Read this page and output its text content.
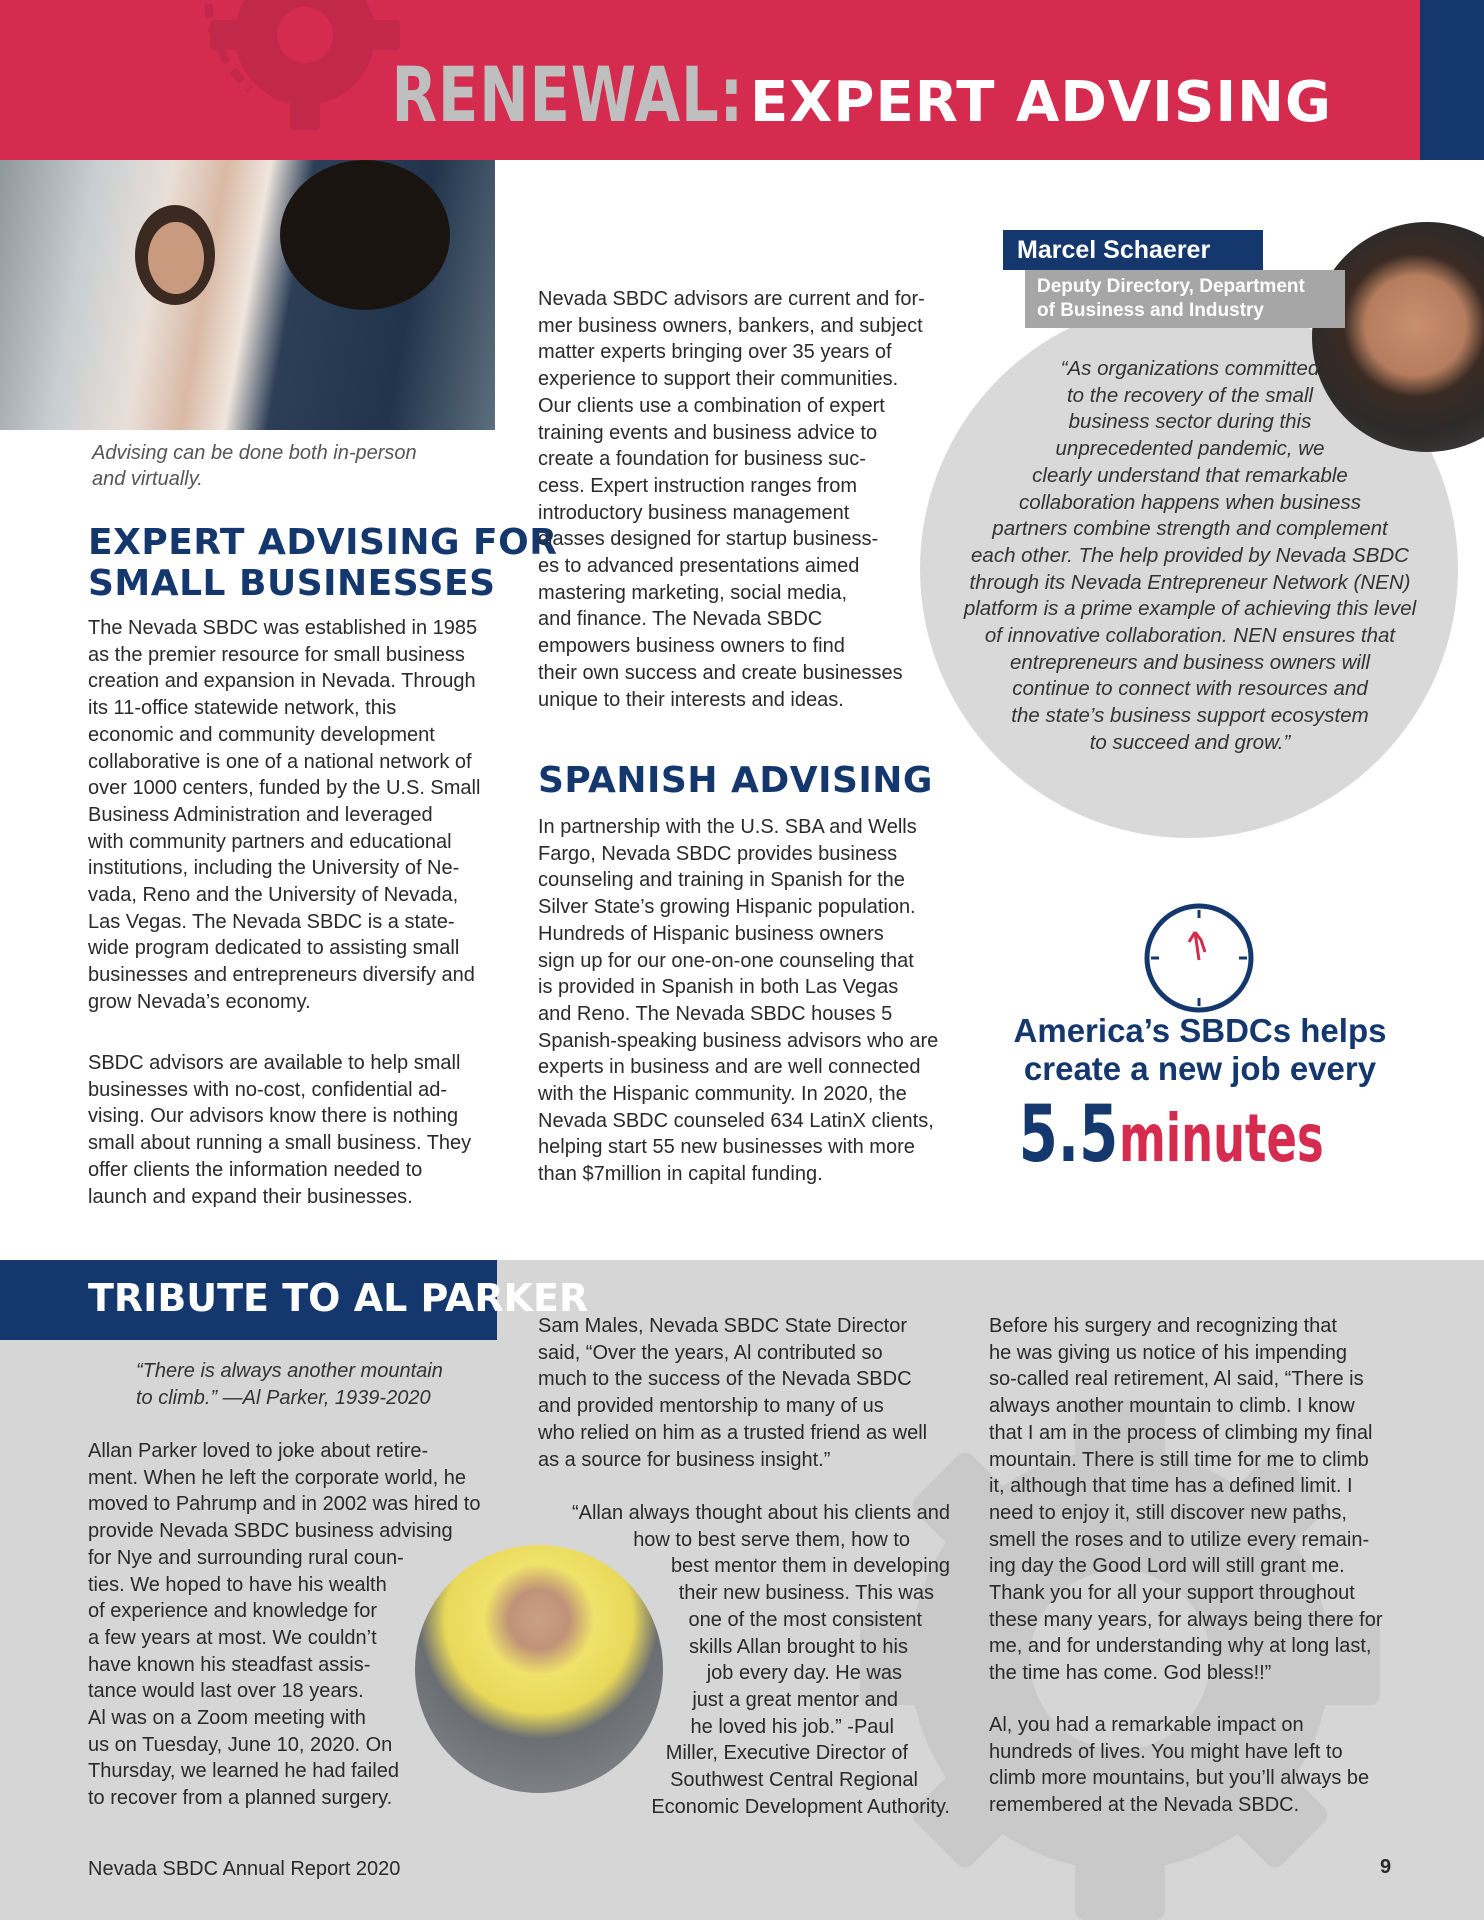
RENEWAL: EXPERT ADVISING
Advising can be done both in-person
and virtually.
EXPERT ADVISING FOR
SMALL BUSINESSES
The Nevada SBDC was established in 1985
as the premier resource for small business
creation and expansion in Nevada. Through
its 11-office statewide network, this
economic and community development
collaborative is one of a national network of
over 1000 centers, funded by the U.S. Small
Business Administration and leveraged
with community partners and educational
institutions, including the University of Ne-
vada, Reno and the University of Nevada,
Las Vegas. The Nevada SBDC is a state-
wide program dedicated to assisting small
businesses and entrepreneurs diversify and
grow Nevada’s economy.
SBDC advisors are available to help small
businesses with no-cost, confidential ad-
vising. Our advisors know there is nothing
small about running a small business. They
offer clients the information needed to
launch and expand their businesses.
Nevada SBDC advisors are current and for-
mer business owners, bankers, and subject
matter experts bringing over 35 years of
experience to support their communities.
Our clients use a combination of expert
training events and business advice to
create a foundation for business suc-
cess. Expert instruction ranges from
introductory business management
classes designed for startup business-
es to advanced presentations aimed
mastering marketing, social media,
and finance. The Nevada SBDC
empowers business owners to find
their own success and create businesses
unique to their interests and ideas.
SPANISH ADVISING
In partnership with the U.S. SBA and Wells
Fargo, Nevada SBDC provides business
counseling and training in Spanish for the
Silver State’s growing Hispanic population.
Hundreds of Hispanic business owners
sign up for our one-on-one counseling that
is provided in Spanish in both Las Vegas
and Reno. The Nevada SBDC houses 5
Spanish-speaking business advisors who are
experts in business and are well connected
with the Hispanic community. In 2020, the
Nevada SBDC counseled 634 LatinX clients,
helping start 55 new businesses with more
than $7million in capital funding.
Marcel Schaerer
Deputy Directory, Department
of Business and Industry
“As organizations committed
to the recovery of the small
business sector during this
unprecedented pandemic, we
clearly understand that remarkable
collaboration happens when business
partners combine strength and complement
each other. The help provided by Nevada SBDC
through its Nevada Entrepreneur Network (NEN)
platform is a prime example of achieving this level
of innovative collaboration. NEN ensures that
entrepreneurs and business owners will
continue to connect with resources and
the state’s business support ecosystem
to succeed and grow.”
America’s SBDCs helps
create a new job every
5.5minutes
TRIBUTE TO AL PARKER
“There is always another mountain
to climb.” —Al Parker, 1939-2020
Allan Parker loved to joke about retire-
ment. When he left the corporate world, he
moved to Pahrump and in 2002 was hired to
provide Nevada SBDC business advising
for Nye and surrounding rural coun-
ties. We hoped to have his wealth
of experience and knowledge for
a few years at most. We couldn’t
have known his steadfast assis-
tance would last over 18 years.
Al was on a Zoom meeting with
us on Tuesday, June 10, 2020. On
Thursday, we learned he had failed
to recover from a planned surgery.
Sam Males, Nevada SBDC State Director
said, “Over the years, Al contributed so
much to the success of the Nevada SBDC
and provided mentorship to many of us
who relied on him as a trusted friend as well
as a source for business insight.”
“Allan always thought about his clients and
how to best serve them, how to
best mentor them in developing
their new business. This was
one of the most consistent
skills Allan brought to his
job every day. He was
just a great mentor and
he loved his job.” -Paul
Miller, Executive Director of
Southwest Central Regional
Economic Development Authority.
Before his surgery and recognizing that
he was giving us notice of his impending
so-called real retirement, Al said, “There is
always another mountain to climb. I know
that I am in the process of climbing my final
mountain. There is still time for me to climb
it, although that time has a defined limit. I
need to enjoy it, still discover new paths,
smell the roses and to utilize every remain-
ing day the Good Lord will still grant me.
Thank you for all your support throughout
these many years, for always being there for
me, and for understanding why at long last,
the time has come. God bless!!”
Al, you had a remarkable impact on
hundreds of lives. You might have left to
climb more mountains, but you’ll always be
remembered at the Nevada SBDC.
Nevada SBDC Annual Report 2020	9
